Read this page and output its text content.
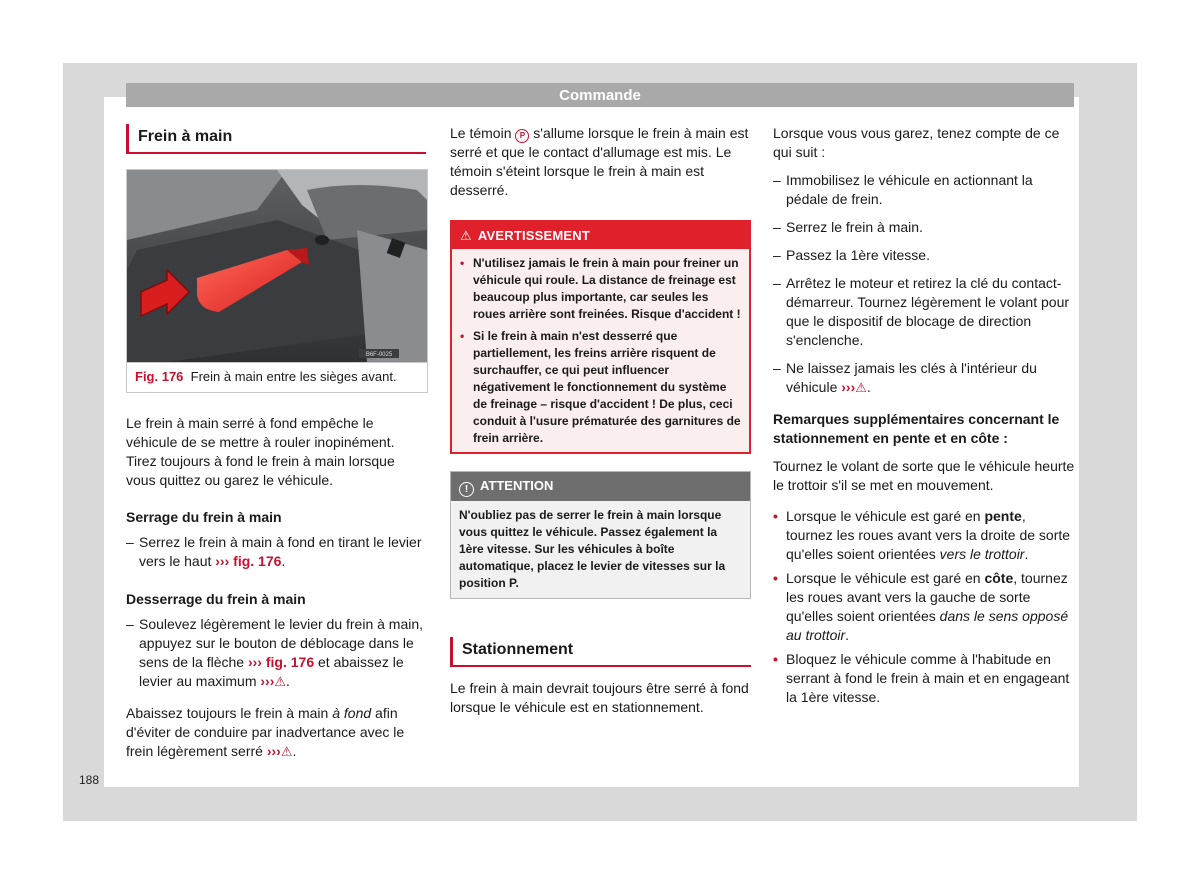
Commande
Frein à main
B6F-0025
Fig. 176 Frein à main entre les sièges avant.

Le frein à main serré à fond empêche le véhicule de se mettre à rouler inopinément. Tirez toujours à fond le frein à main lorsque vous quittez ou garez le véhicule.

Serrage du frein à main

– Serrez le frein à main à fond en tirant le levier vers le haut ››› fig. 176.

Desserrage du frein à main

– Soulevez légèrement le levier du frein à main, appuyez sur le bouton de déblocage dans le sens de la flèche ››› fig. 176 et abaissez le levier au maximum ›››⚠.

Abaissez toujours le frein à main à fond afin d'éviter de conduire par inadvertance avec le frein légèrement serré ›››⚠.

Le témoin P s'allume lorsque le frein à main est serré et que le contact d'allumage est mis. Le témoin s'éteint lorsque le frein à main est desserré.

⚠ AVERTISSEMENT

• N'utilisez jamais le frein à main pour freiner un véhicule qui roule. La distance de freinage est beaucoup plus importante, car seules les roues arrière sont freinées. Risque d'accident !

• Si le frein à main n'est desserré que partiellement, les freins arrière risquent de surchauffer, ce qui peut influencer négativement le fonctionnement du système de freinage – risque d'accident ! De plus, ceci conduit à l'usure prématurée des garnitures de frein arrière.

! ATTENTION
N'oubliez pas de serrer le frein à main lorsque vous quittez le véhicule. Passez également la 1ère vitesse. Sur les véhicules à boîte automatique, placez le levier de vitesses sur la position P.
Stationnement

Le frein à main devrait toujours être serré à fond lorsque le véhicule est en stationnement.

Lorsque vous vous garez, tenez compte de ce qui suit :

– Immobilisez le véhicule en actionnant la pédale de frein.

– Serrez le frein à main.

– Passez la 1ère vitesse.

– Arrêtez le moteur et retirez la clé du contact-démarreur. Tournez légèrement le volant pour que le dispositif de blocage de direction s'enclenche.

– Ne laissez jamais les clés à l'intérieur du véhicule ›››⚠.

Remarques supplémentaires concernant le stationnement en pente et en côte :

Tournez le volant de sorte que le véhicule heurte le trottoir s'il se met en mouvement.

• Lorsque le véhicule est garé en pente, tournez les roues avant vers la droite de sorte qu'elles soient orientées vers le trottoir.

• Lorsque le véhicule est garé en côte, tournez les roues avant vers la gauche de sorte qu'elles soient orientées dans le sens opposé au trottoir.

• Bloquez le véhicule comme à l'habitude en serrant à fond le frein à main et en engageant la 1ère vitesse.

188
